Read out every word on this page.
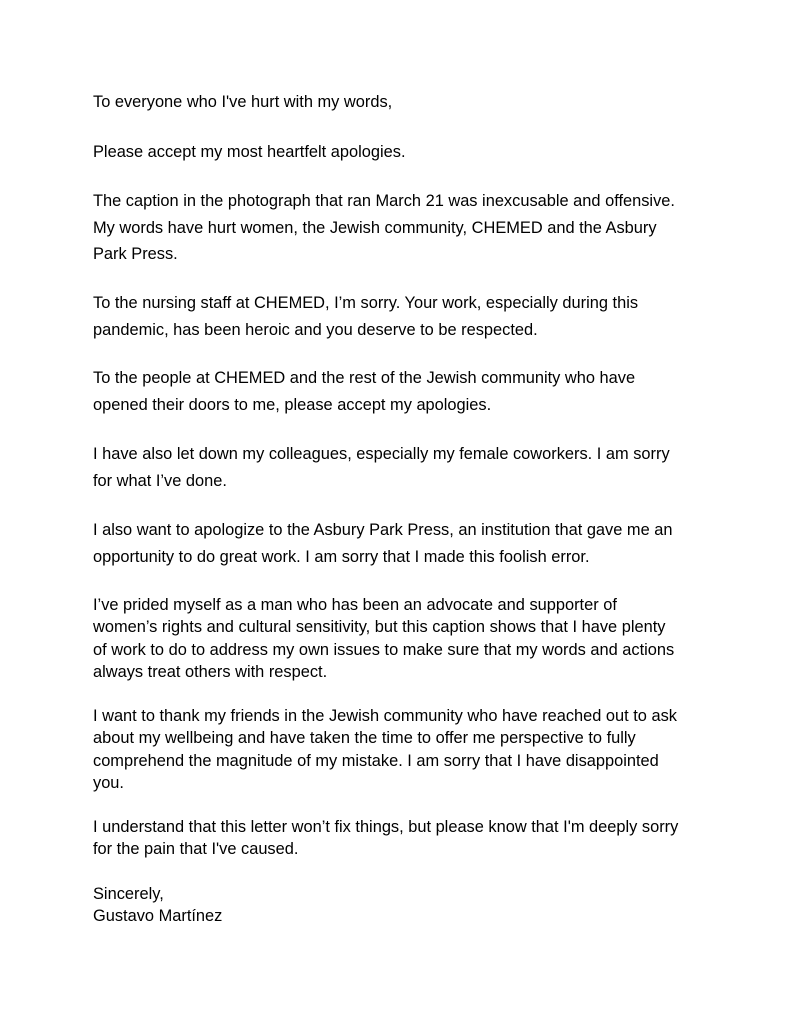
To everyone who I've hurt with my words,

Please accept my most heartfelt apologies.

The caption in the photograph that ran March 21 was inexcusable and offensive.
My words have hurt women, the Jewish community, CHEMED and the Asbury
Park Press.

To the nursing staff at CHEMED, I’m sorry. Your work, especially during this
pandemic, has been heroic and you deserve to be respected.

To the people at CHEMED and the rest of the Jewish community who have
opened their doors to me, please accept my apologies.

I have also let down my colleagues, especially my female coworkers. I am sorry
for what I’ve done.

I also want to apologize to the Asbury Park Press, an institution that gave me an
opportunity to do great work. I am sorry that I made this foolish error.

I’ve prided myself as a man who has been an advocate and supporter of
women’s rights and cultural sensitivity, but this caption shows that I have plenty
of work to do to address my own issues to make sure that my words and actions
always treat others with respect.

I want to thank my friends in the Jewish community who have reached out to ask
about my wellbeing and have taken the time to offer me perspective to fully
comprehend the magnitude of my mistake. I am sorry that I have disappointed
you.

I understand that this letter won’t fix things, but please know that I'm deeply sorry
for the pain that I've caused.

Sincerely,
Gustavo Martínez
